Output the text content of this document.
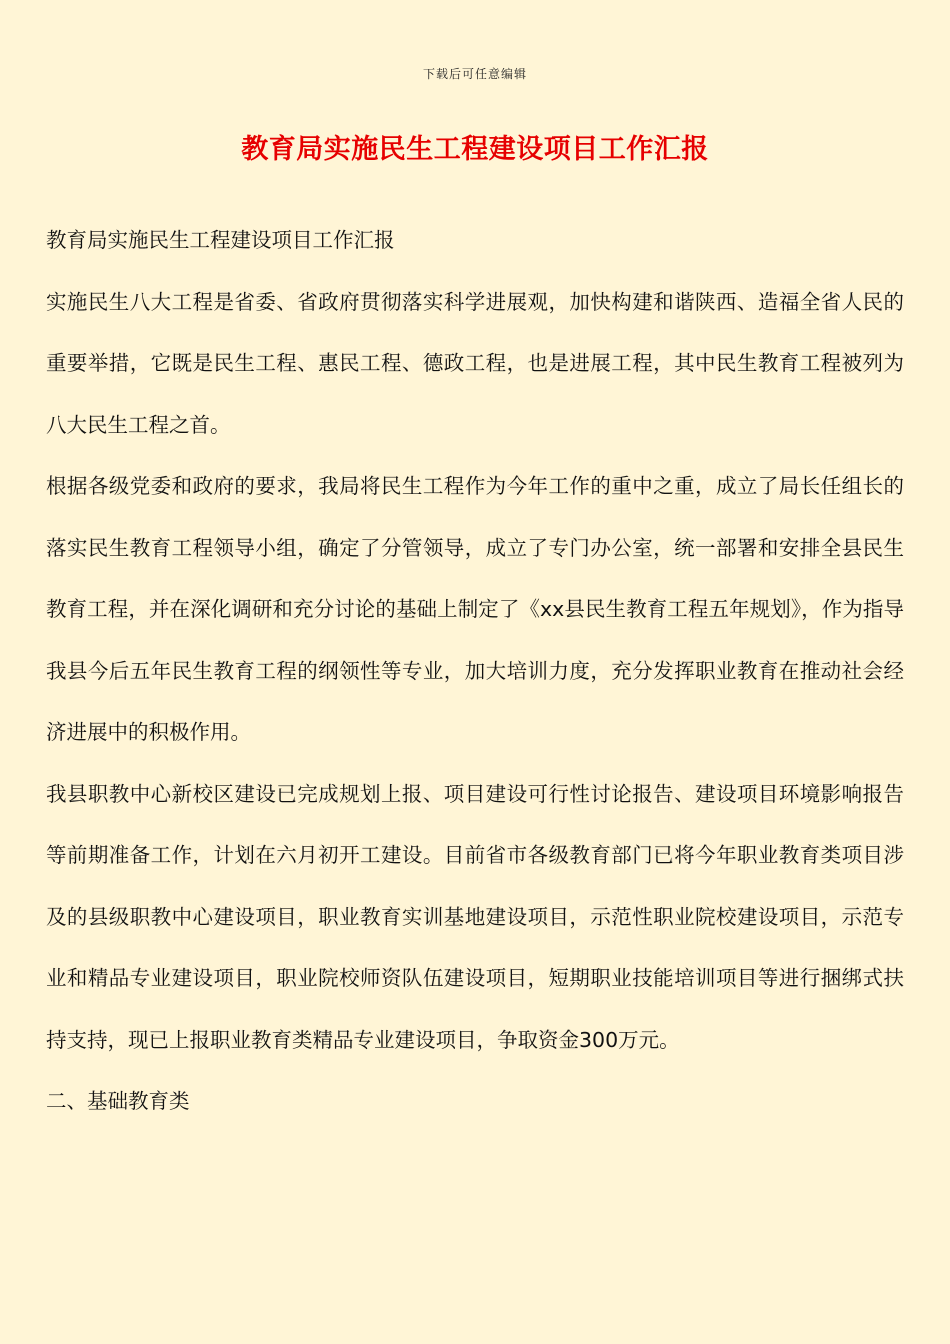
下载后可任意编辑
教育局实施民生工程建设项目工作汇报

教育局实施民生工程建设项目工作汇报

实施民生八大工程是省委、省政府贯彻落实科学进展观，加快构建和谐陕西、造福全省人民的重要举措，它既是民生工程、惠民工程、德政工程，也是进展工程，其中民生教育工程被列为八大民生工程之首。

根据各级党委和政府的要求，我局将民生工程作为今年工作的重中之重，成立了局长任组长的落实民生教育工程领导小组，确定了分管领导，成立了专门办公室，统一部署和安排全县民生教育工程，并在深化调研和充分讨论的基础上制定了《xx县民生教育工程五年规划》，作为指导我县今后五年民生教育工程的纲领性等专业，加大培训力度，充分发挥职业教育在推动社会经济进展中的积极作用。

我县职教中心新校区建设已完成规划上报、项目建设可行性讨论报告、建设项目环境影响报告等前期准备工作，计划在六月初开工建设。目前省市各级教育部门已将今年职业教育类项目涉及的县级职教中心建设项目，职业教育实训基地建设项目，示范性职业院校建设项目，示范专业和精品专业建设项目，职业院校师资队伍建设项目，短期职业技能培训项目等进行捆绑式扶持支持，现已上报职业教育类精品专业建设项目，争取资金300万元。

二、基础教育类
